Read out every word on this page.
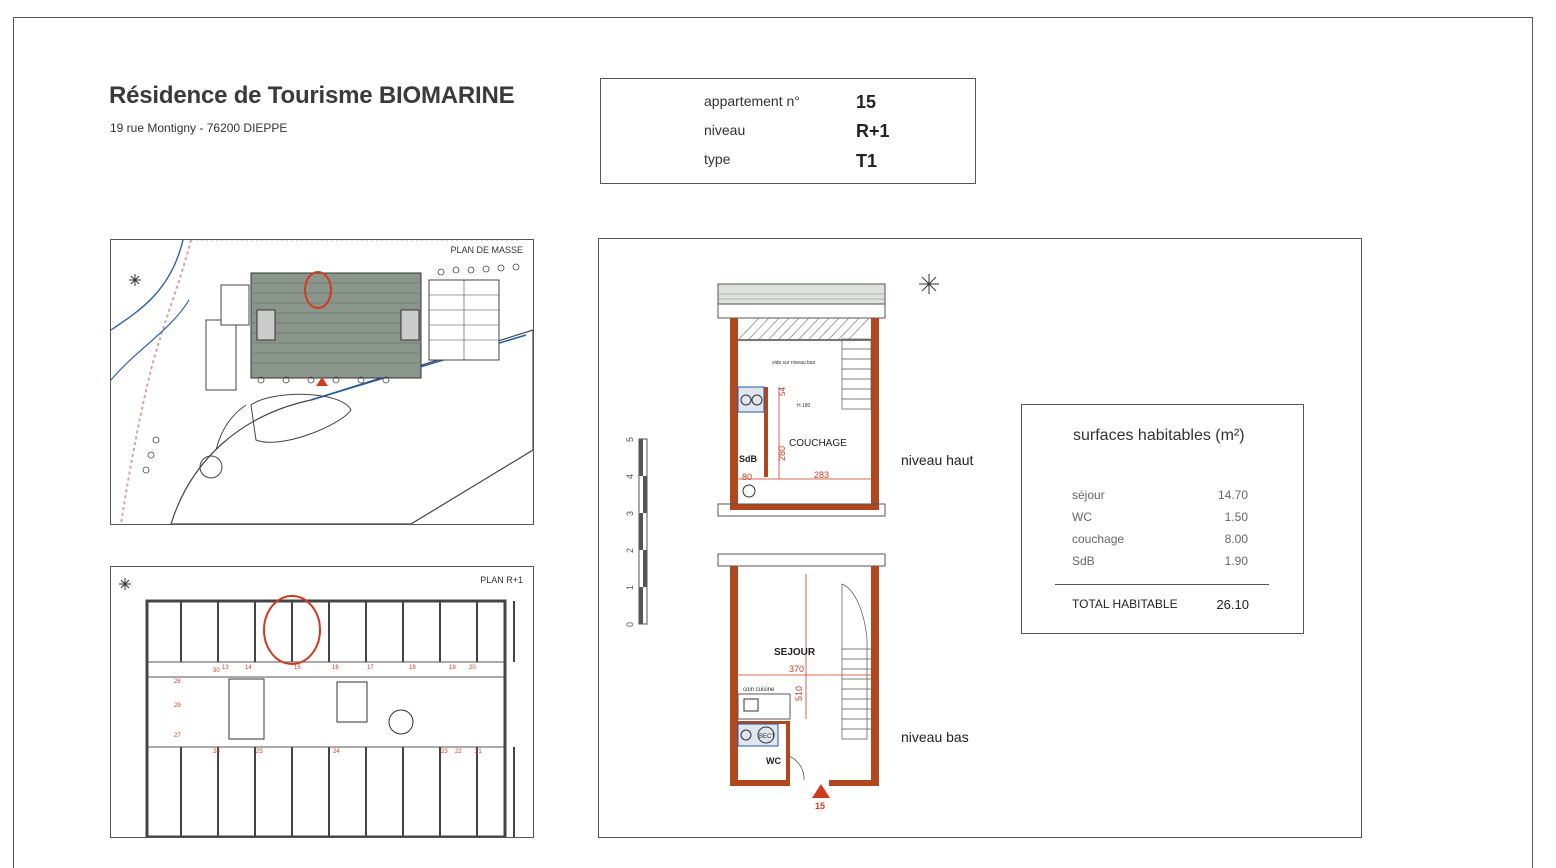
Résidence de Tourisme BIOMARINE
19 rue Montigny - 76200 DIEPPE
appartement n°	15
niveau	R+1
type	T1
PLAN DE MASSE
30 13	14	15	16	17	18	19 20
28
29
27
26	25	24	23 22 21
PLAN R+1
0
1
2
3
4
5
vide sur niveau bas
H 180
COUCHAGE
SdB
54
280
80	283
SEJOUR
370
510
coin cuisine
BECT
WC
15
niveau haut
niveau bas
surfaces habitables (m²)
séjour	14.70
WC	1.50
couchage	8.00
SdB	1.90
TOTAL HABITABLE	26.10
